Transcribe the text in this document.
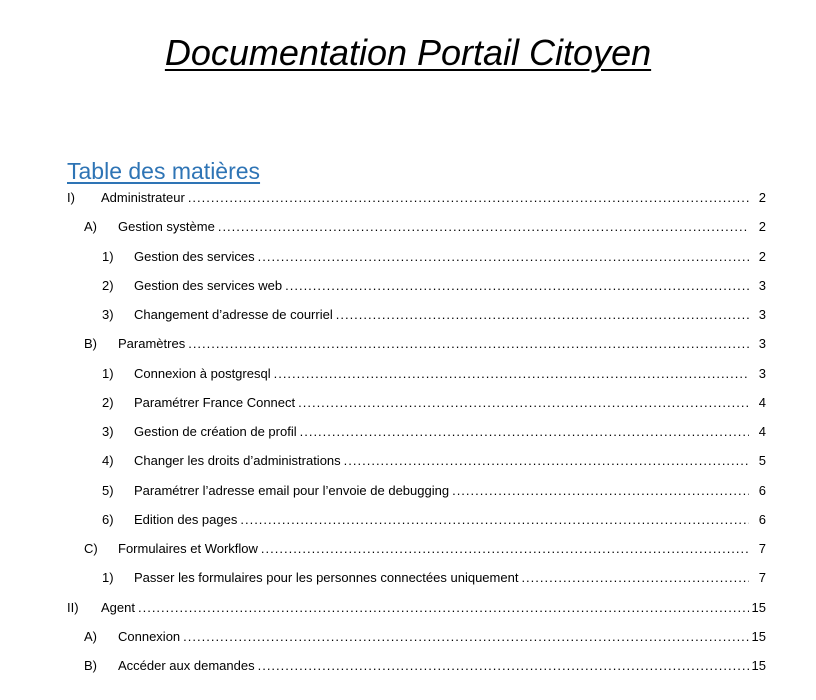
Documentation Portail Citoyen
Table des matières
I)	Administrateur .....	2
A)	Gestion système .....	2
1)	Gestion des services .....	2
2)	Gestion des services web .....	3
3)	Changement d’adresse de courriel .....	3
B)	Paramètres .....	3
1)	Connexion à postgresql .....	3
2)	Paramétrer France Connect .....	4
3)	Gestion de création de profil .....	4
4)	Changer les droits d’administrations .....	5
5)	Paramétrer l’adresse email pour l’envoie de debugging .....	6
6)	Edition des pages .....	6
C)	Formulaires et Workflow .....	7
1)	Passer les formulaires pour les personnes connectées uniquement .....	7
II)	Agent .....	15
A)	Connexion .....	15
B)	Accéder aux demandes .....	15
